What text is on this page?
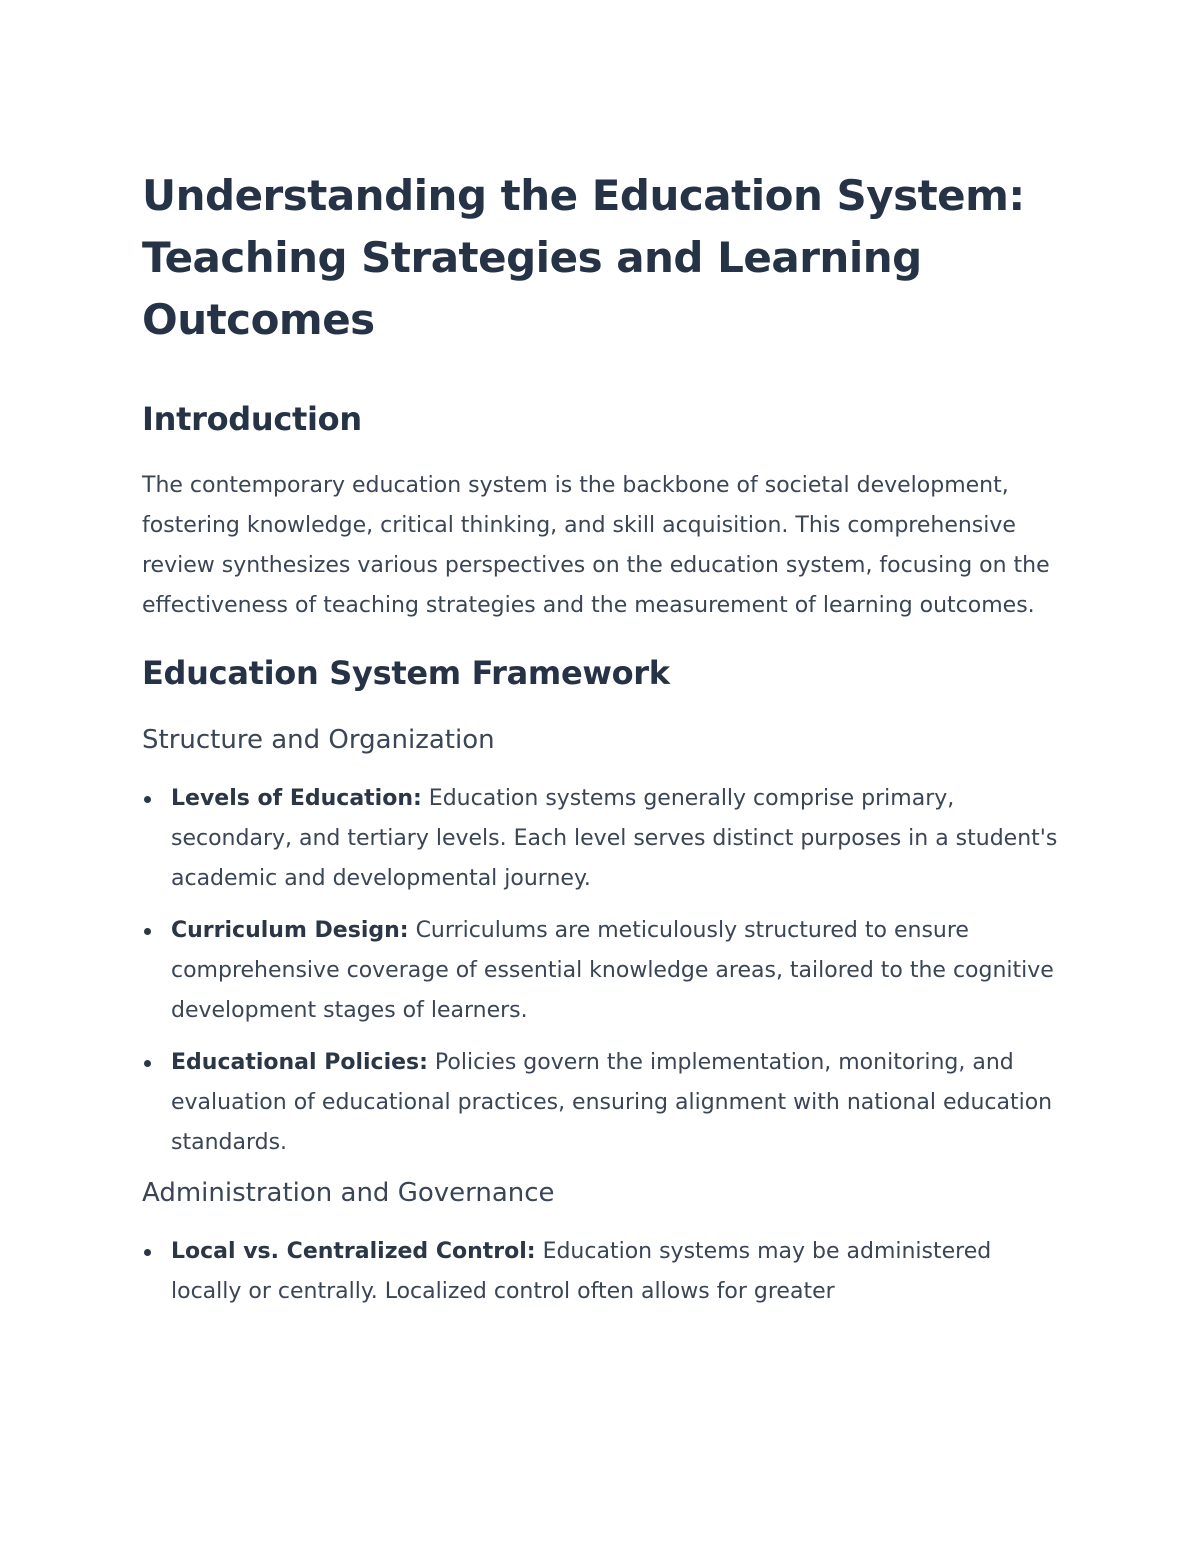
Understanding the Education System: Teaching Strategies and Learning Outcomes
Introduction

The contemporary education system is the backbone of societal development, fostering knowledge, critical thinking, and skill acquisition. This comprehensive review synthesizes various perspectives on the education system, focusing on the effectiveness of teaching strategies and the measurement of learning outcomes.

Education System Framework
Structure and Organization
Levels of Education: Education systems generally comprise primary, secondary, and tertiary levels. Each level serves distinct purposes in a student's academic and developmental journey.
Curriculum Design: Curriculums are meticulously structured to ensure comprehensive coverage of essential knowledge areas, tailored to the cognitive development stages of learners.
Educational Policies: Policies govern the implementation, monitoring, and evaluation of educational practices, ensuring alignment with national education standards.
Administration and Governance
Local vs. Centralized Control: Education systems may be administered locally or centrally. Localized control often allows for greater
